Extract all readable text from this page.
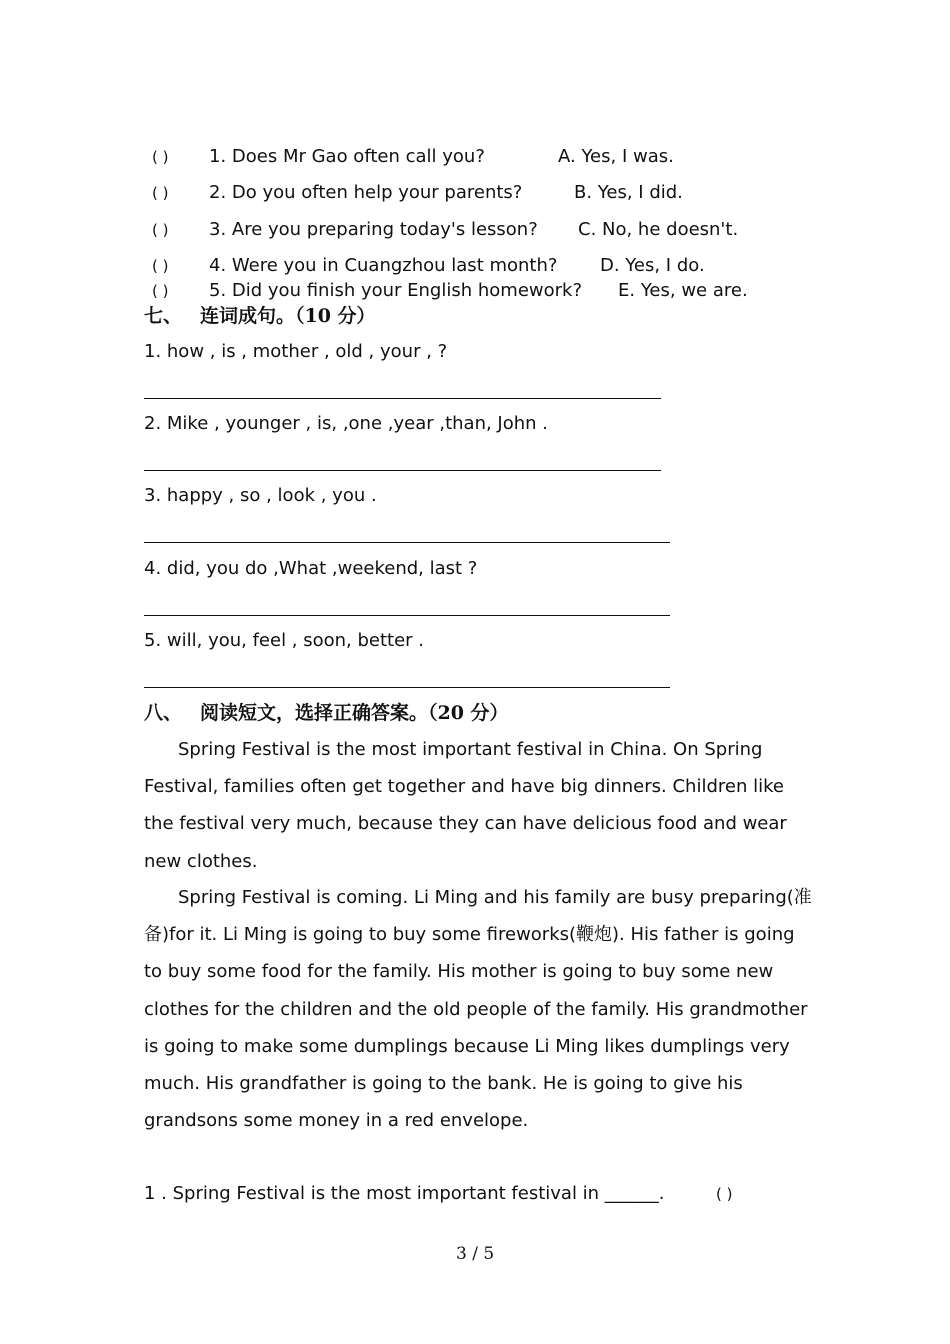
( ) 1. Does Mr Gao often call you?	A. Yes, I was.
( ) 2. Do you often help your parents?	B. Yes, I did.
( ) 3. Are you preparing today's lesson? C. No, he doesn't.
( ) 4. Were you in Cuangzhou last month? D. Yes, I do.
( ) 5. Did you finish your English homework? E. Yes, we are.
七、 连词成句。（10 分）
1. how , is , mother , old , your , ?
2. Mike , younger , is, ,one ,year ,than, John .
3. happy , so , look , you .
4. did, you do ,What ,weekend, last ?
5. will, you, feel , soon, better .
八、 阅读短文，选择正确答案。（20 分）
Spring Festival is the most important festival in China. On Spring Festival, families often get together and have big dinners. Children like the festival very much, because they can have delicious food and wear new clothes.
Spring Festival is coming. Li Ming and his family are busy preparing(准备)for it. Li Ming is going to buy some fireworks(鞭炮). His father is going to buy some food for the family. His mother is going to buy some new clothes for the children and the old people of the family. His grandmother is going to make some dumplings because Li Ming likes dumplings very much. His grandfather is going to the bank. He is going to give his grandsons some money in a red envelope.
1 . Spring Festival is the most important festival in ______.	( )
3 / 5
